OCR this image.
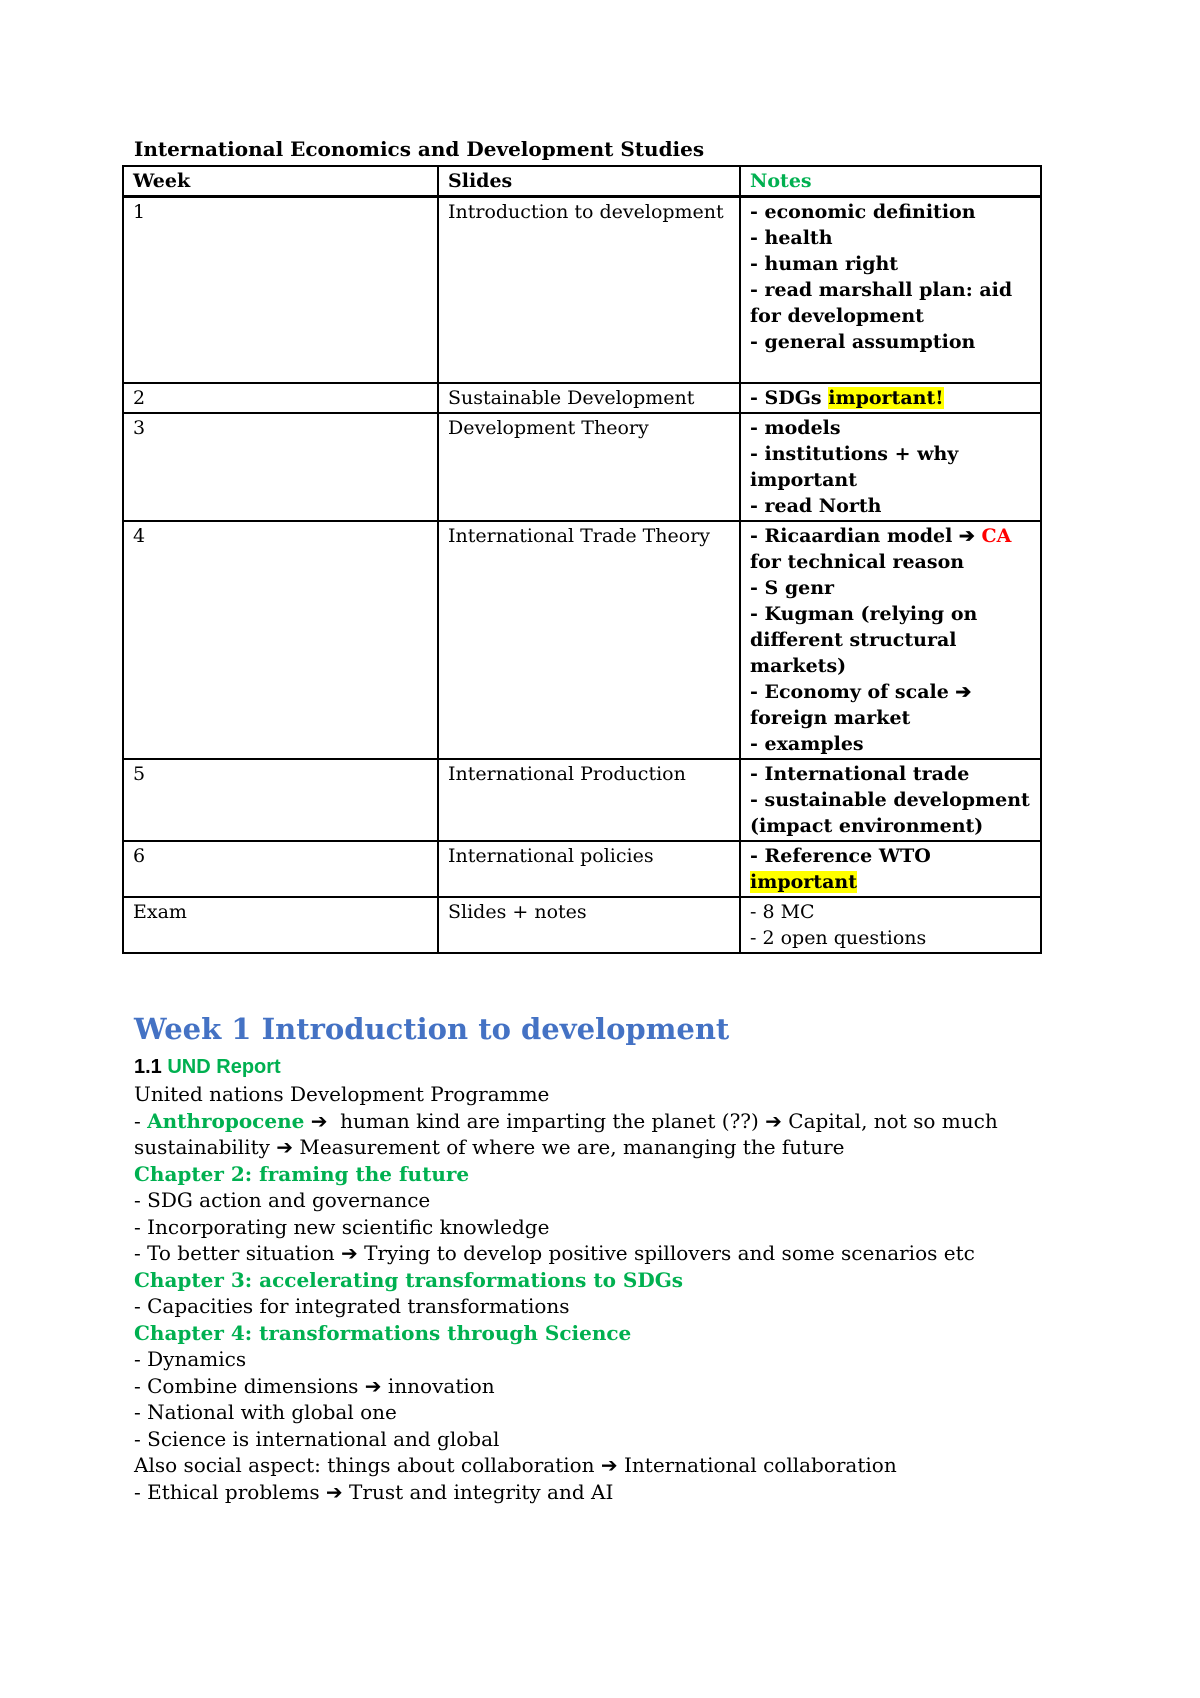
International Economics and Development Studies
Week	Slides	Notes
1	Introduction to development	- economic definition
- health
- human right
- read marshall plan: aid
for development
- general assumption

2	Sustainable Development	- SDGs important!

3	Development Theory	- models
- institutions + why
important
- read North

4	International Trade Theory	- Ricaardian model ➔ CA
for technical reason
- S genr
- Kugman (relying on
different structural
markets)
- Economy of scale ➔
foreign market
- examples

5	International Production	- International trade
- sustainable development
(impact environment)

6	International policies	- Reference WTO
important

Exam	Slides + notes	- 8 MC
- 2 open questions
Week 1 Introduction to development
1.1 UND Report
United nations Development Programme
- Anthropocene ➔  human kind are imparting the planet (??) ➔ Capital, not so much
sustainability ➔ Measurement of where we are, mananging the future
Chapter 2: framing the future
- SDG action and governance
- Incorporating new scientific knowledge
- To better situation ➔ Trying to develop positive spillovers and some scenarios etc
Chapter 3: accelerating transformations to SDGs
- Capacities for integrated transformations
Chapter 4: transformations through Science
- Dynamics
- Combine dimensions ➔ innovation
- National with global one
- Science is international and global
Also social aspect: things about collaboration ➔ International collaboration
- Ethical problems ➔ Trust and integrity and AI
